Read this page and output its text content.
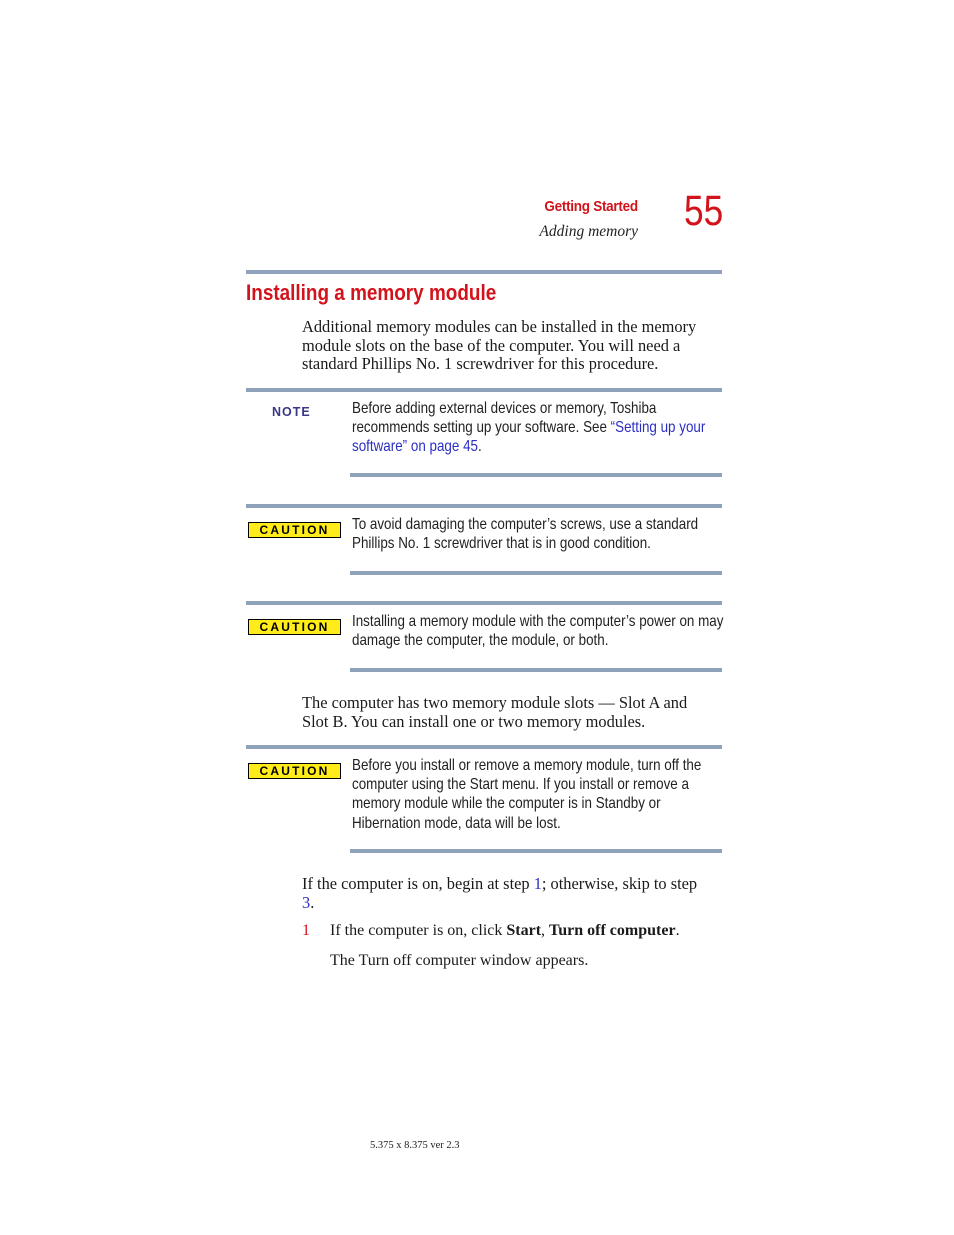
Getting Started
Adding memory 55
Installing a memory module
Additional memory modules can be installed in the memory
module slots on the base of the computer. You will need a
standard Phillips No. 1 screwdriver for this procedure.
NOTE	Before adding external devices or memory, Toshiba
recommends setting up your software. See “Setting up your
software” on page 45.
CAUTION	To avoid damaging the computer’s screws, use a standard
Phillips No. 1 screwdriver that is in good condition.
CAUTION	Installing a memory module with the computer’s power on may
damage the computer, the module, or both.
The computer has two memory module slots — Slot A and
Slot B. You can install one or two memory modules.
CAUTION	Before you install or remove a memory module, turn off the
computer using the Start menu. If you install or remove a
memory module while the computer is in Standby or
Hibernation mode, data will be lost.
If the computer is on, begin at step 1; otherwise, skip to step
3.
1 If the computer is on, click Start, Turn off computer.
The Turn off computer window appears.
5.375 x 8.375 ver 2.3
